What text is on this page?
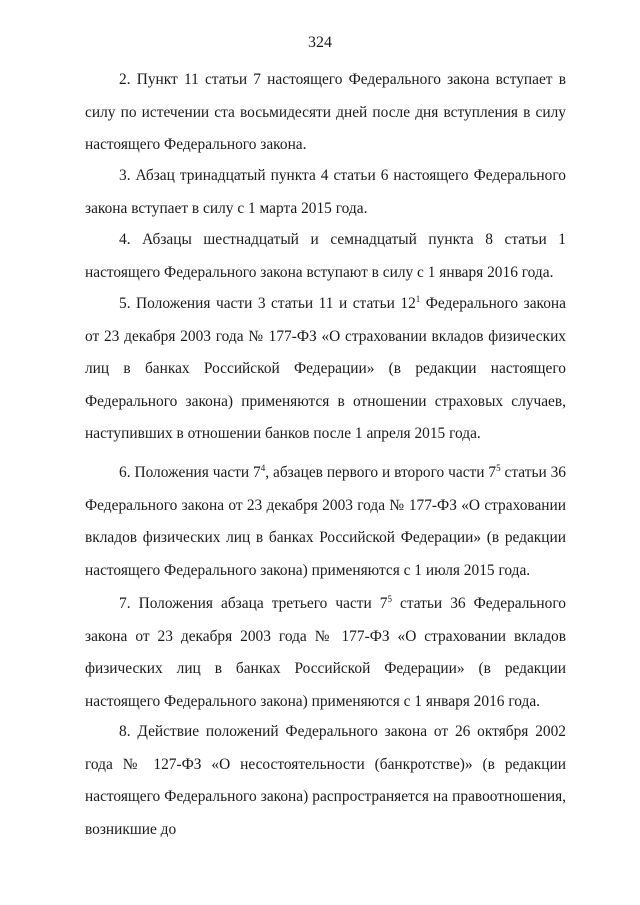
324

2. Пункт 11 статьи 7 настоящего Федерального закона вступает в силу по истечении ста восьмидесяти дней после дня вступления в силу настоящего Федерального закона.

3. Абзац тринадцатый пункта 4 статьи 6 настоящего Федерального закона вступает в силу с 1 марта 2015 года.

4. Абзацы шестнадцатый и семнадцатый пункта 8 статьи 1 настоящего Федерального закона вступают в силу с 1 января 2016 года.

5. Положения части 3 статьи 11 и статьи $12^1$ Федерального закона от 23 декабря 2003 года № 177-ФЗ «О страховании вкладов физических лиц в банках Российской Федерации» (в редакции настоящего Федерального закона) применяются в отношении страховых случаев, наступивших в отношении банков после 1 апреля 2015 года.

6. Положения части $7^4$, абзацев первого и второго части $7^5$ статьи 36 Федерального закона от 23 декабря 2003 года № 177-ФЗ «О страховании вкладов физических лиц в банках Российской Федерации» (в редакции настоящего Федерального закона) применяются с 1 июля 2015 года.

7. Положения абзаца третьего части $7^5$ статьи 36 Федерального закона от 23 декабря 2003 года № 177-ФЗ «О страховании вкладов физических лиц в банках Российской Федерации» (в редакции настоящего Федерального закона) применяются с 1 января 2016 года.

8. Действие положений Федерального закона от 26 октября 2002 года № 127-ФЗ «О несостоятельности (банкротстве)» (в редакции настоящего Федерального закона) распространяется на правоотношения, возникшие до
